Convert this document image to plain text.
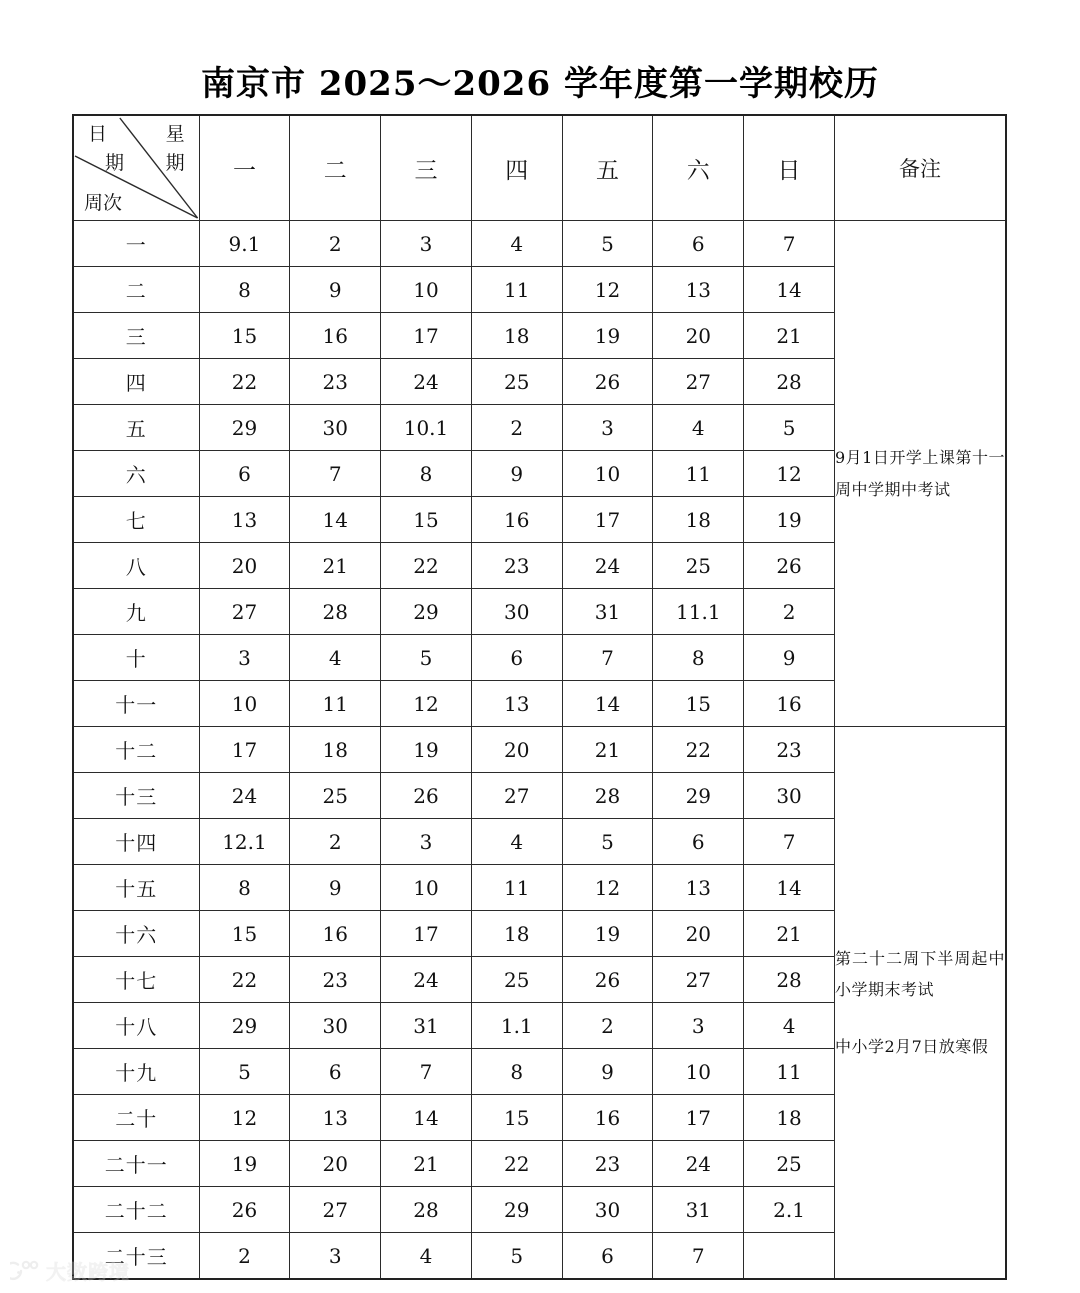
南京市 2025～2026 学年度第一学期校历
日
期
星
期
周次	一	二	三	四	五	六	日	备注
一	9.1	2	3	4	5	6	7	9月1日开学上课第十一周中学期中考试

二	8	9	10	11	12	13	14	
三	15	16	17	18	19	20	21	
四	22	23	24	25	26	27	28	
五	29	30	10.1	2	3	4	5	
六	6	7	8	9	10	11	12	
七	13	14	15	16	17	18	19	
八	20	21	22	23	24	25	26	
九	27	28	29	30	31	11.1	2	
十	3	4	5	6	7	8	9	
十一	10	11	12	13	14	15	16	
十二	17	18	19	20	21	22	23	第二十二周下半周起中小学期末考试

中小学2月7日放寒假

十三	24	25	26	27	28	29	30	
十四	12.1	2	3	4	5	6	7	
十五	8	9	10	11	12	13	14	
十六	15	16	17	18	19	20	21	
十七	22	23	24	25	26	27	28	
十八	29	30	31	1.1	2	3	4	
十九	5	6	7	8	9	10	11	
二十	12	13	14	15	16	17	18	
二十一	19	20	21	22	23	24	25	
二十二	26	27	28	29	30	31	2.1	
二十三	2	3	4	5	6	7		
大数跨境
